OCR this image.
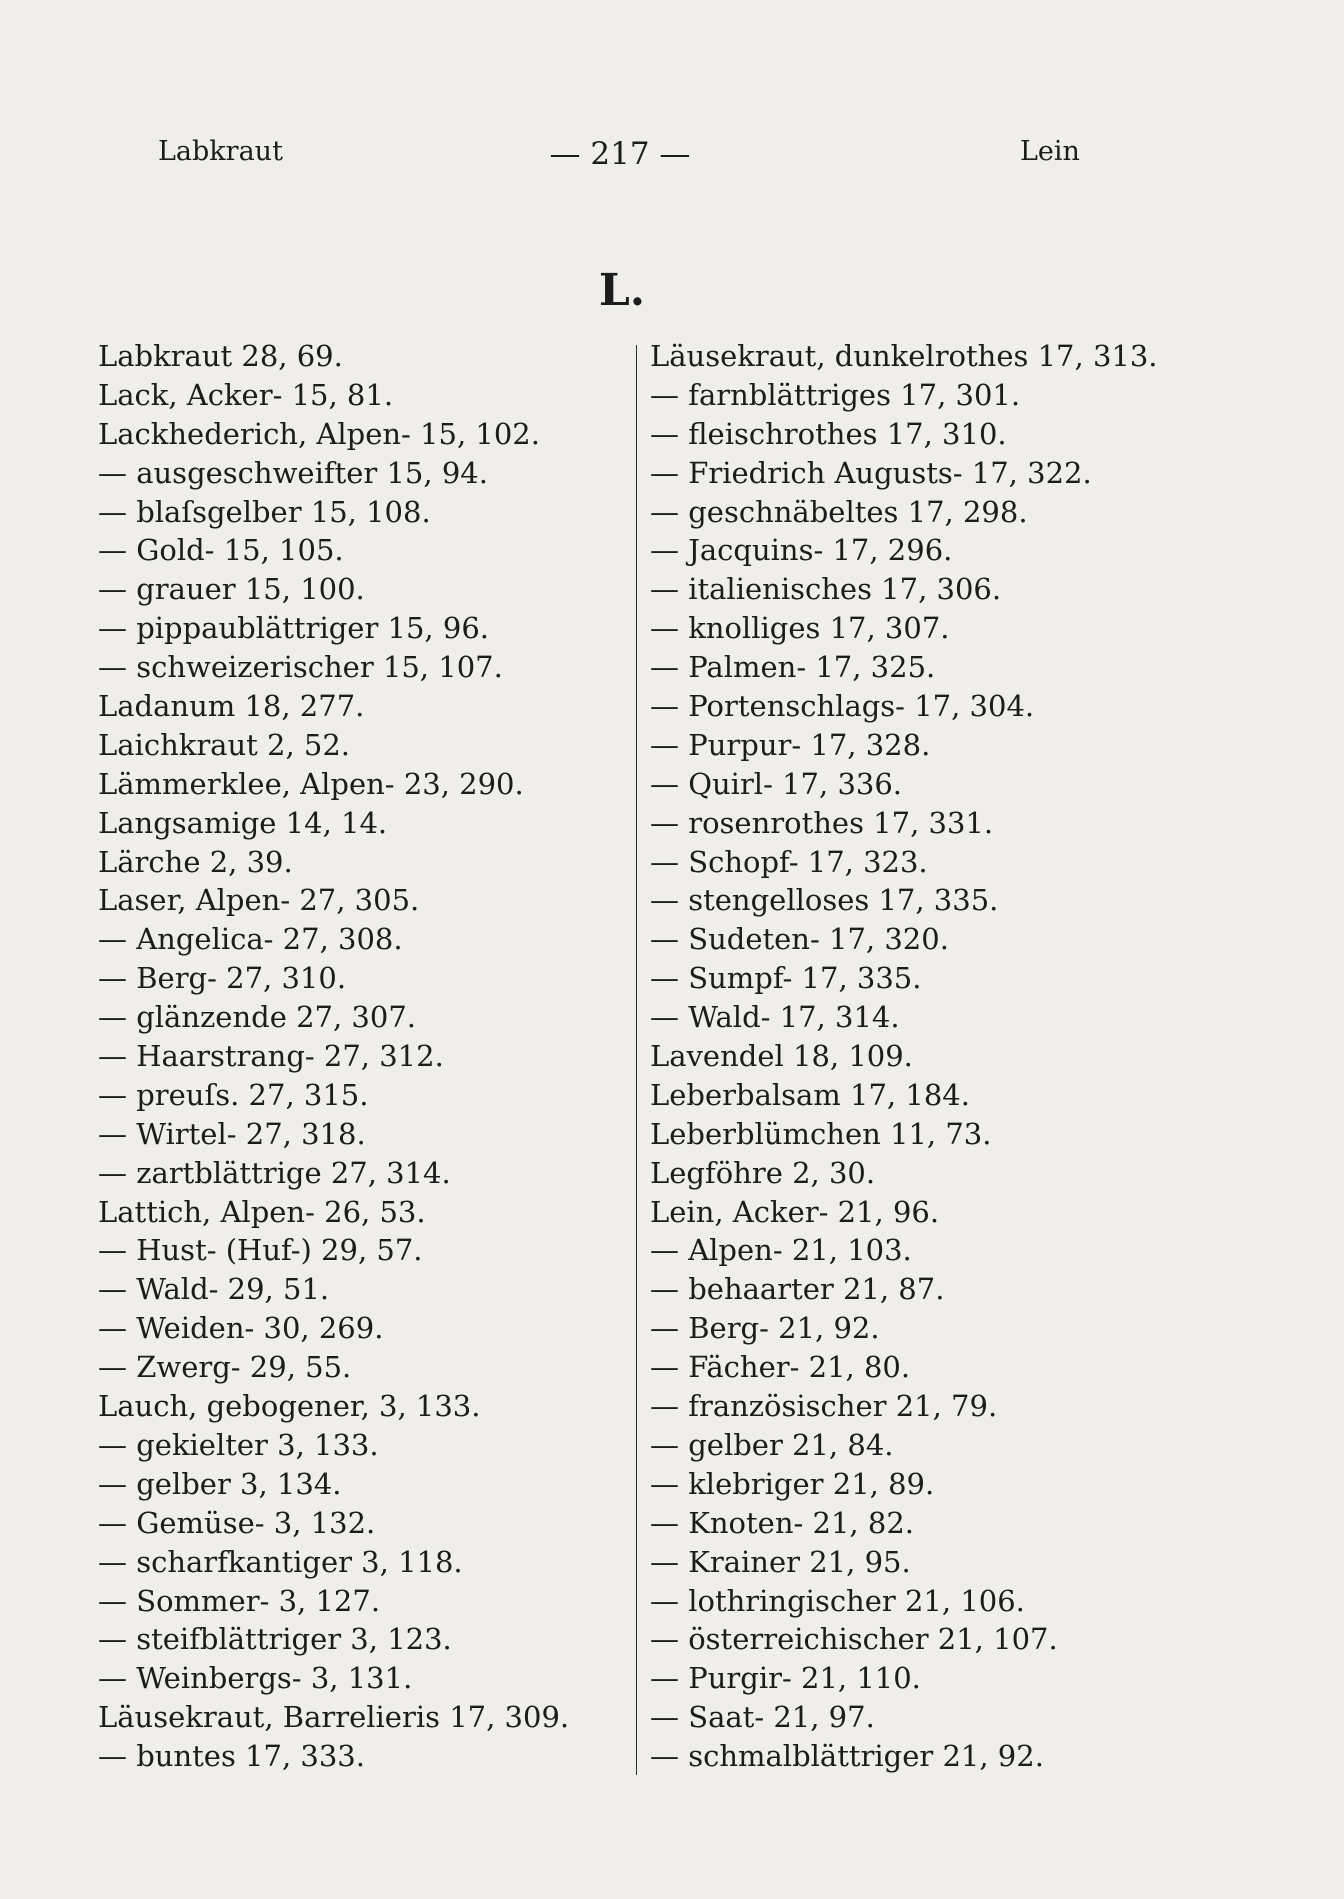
Labkraut	— 217 —	Lein
L.
Labkraut 28, 69.
Lack, Acker- 15, 81.
Lackhederich, Alpen- 15, 102.
— ausgeschweifter 15, 94.
— blaſsgelber 15, 108.
— Gold- 15, 105.
— grauer 15, 100.
— pippaublättriger 15, 96.
— schweizerischer 15, 107.
Ladanum 18, 277.
Laichkraut 2, 52.
Lämmerklee, Alpen- 23, 290.
Langsamige 14, 14.
Lärche 2, 39.
Laser, Alpen- 27, 305.
— Angelica- 27, 308.
— Berg- 27, 310.
— glänzende 27, 307.
— Haarstrang- 27, 312.
— preuſs. 27, 315.
— Wirtel- 27, 318.
— zartblättrige 27, 314.
Lattich, Alpen- 26, 53.
— Hust- (Huf-) 29, 57.
— Wald- 29, 51.
— Weiden- 30, 269.
— Zwerg- 29, 55.
Lauch, gebogener, 3, 133.
— gekielter 3, 133.
— gelber 3, 134.
— Gemüse- 3, 132.
— scharfkantiger 3, 118.
— Sommer- 3, 127.
— steifblättriger 3, 123.
— Weinbergs- 3, 131.
Läusekraut, Barrelieris 17, 309.
— buntes 17, 333.
Läusekraut, dunkelrothes 17, 313.
— farnblättriges 17, 301.
— fleischrothes 17, 310.
— Friedrich Augusts- 17, 322.
— geschnäbeltes 17, 298.
— Jacquins- 17, 296.
— italienisches 17, 306.
— knolliges 17, 307.
— Palmen- 17, 325.
— Portenschlags- 17, 304.
— Purpur- 17, 328.
— Quirl- 17, 336.
— rosenrothes 17, 331.
— Schopf- 17, 323.
— stengelloses 17, 335.
— Sudeten- 17, 320.
— Sumpf- 17, 335.
— Wald- 17, 314.
Lavendel 18, 109.
Leberbalsam 17, 184.
Leberblümchen 11, 73.
Legföhre 2, 30.
Lein, Acker- 21, 96.
— Alpen- 21, 103.
— behaarter 21, 87.
— Berg- 21, 92.
— Fächer- 21, 80.
— französischer 21, 79.
— gelber 21, 84.
— klebriger 21, 89.
— Knoten- 21, 82.
— Krainer 21, 95.
— lothringischer 21, 106.
— österreichischer 21, 107.
— Purgir- 21, 110.
— Saat- 21, 97.
— schmalblättriger 21, 92.
